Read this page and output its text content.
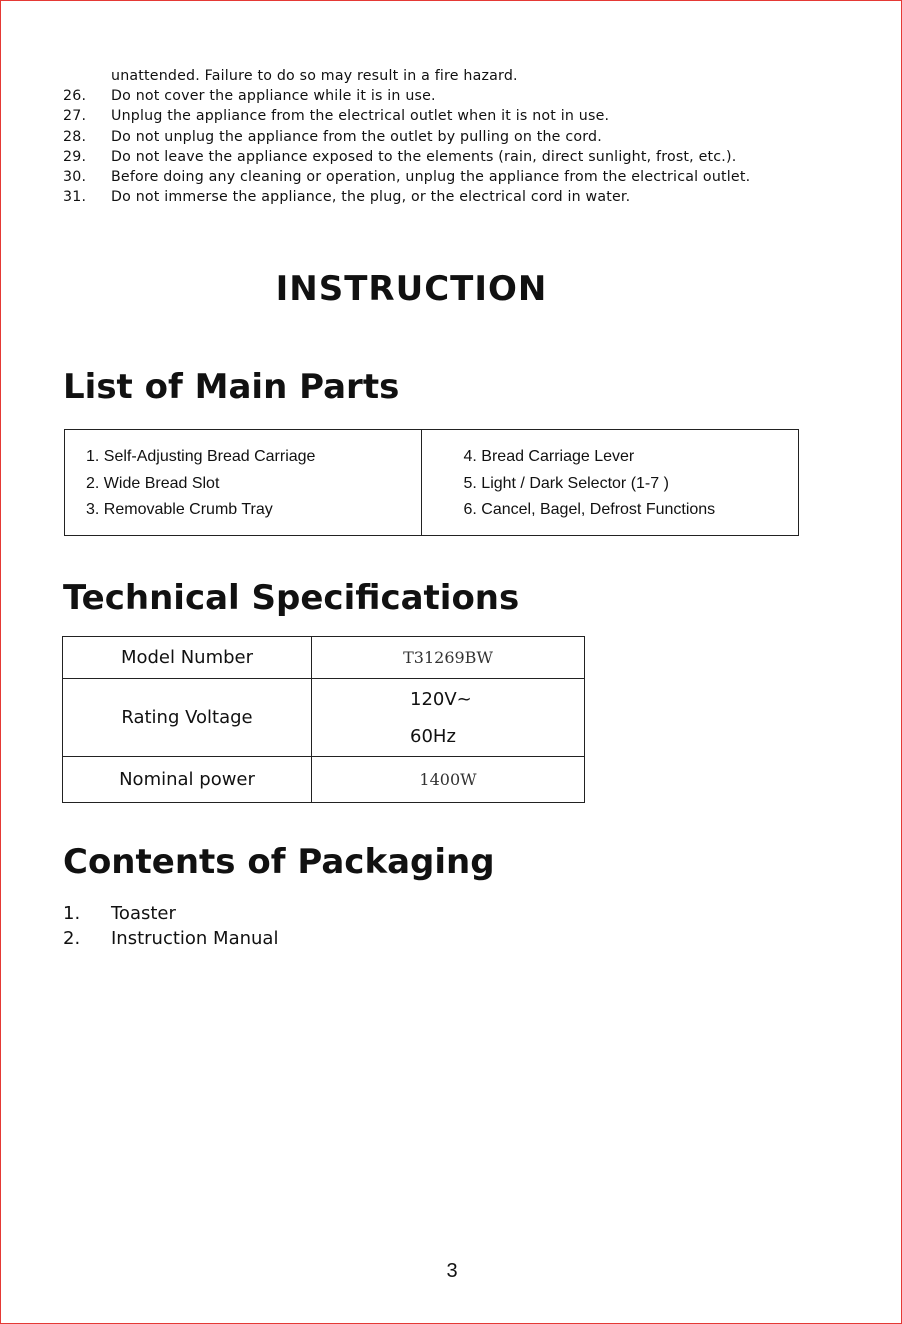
unattended. Failure to do so may result in a fire hazard.
26.	Do not cover the appliance while it is in use.
27.	Unplug the appliance from the electrical outlet when it is not in use.
28.	Do not unplug the appliance from the outlet by pulling on the cord.
29.	Do not leave the appliance exposed to the elements (rain, direct sunlight, frost, etc.).
30.	Before doing any cleaning or operation, unplug the appliance from the electrical outlet.
31.	Do not immerse the appliance, the plug, or the electrical cord in water.
INSTRUCTION
List of Main Parts
1. Self-Adjusting Bread Carriage
2. Wide Bread Slot
3. Removable Crumb Tray
4. Bread Carriage Lever
5. Light / Dark Selector (1-7 )
6. Cancel, Bagel, Defrost Functions
Technical Specifications
Model Number	T31269BW
Rating Voltage	120V~
60Hz

Nominal power	1400W
Contents of Packaging
1.	Toaster
2.	Instruction Manual
3
